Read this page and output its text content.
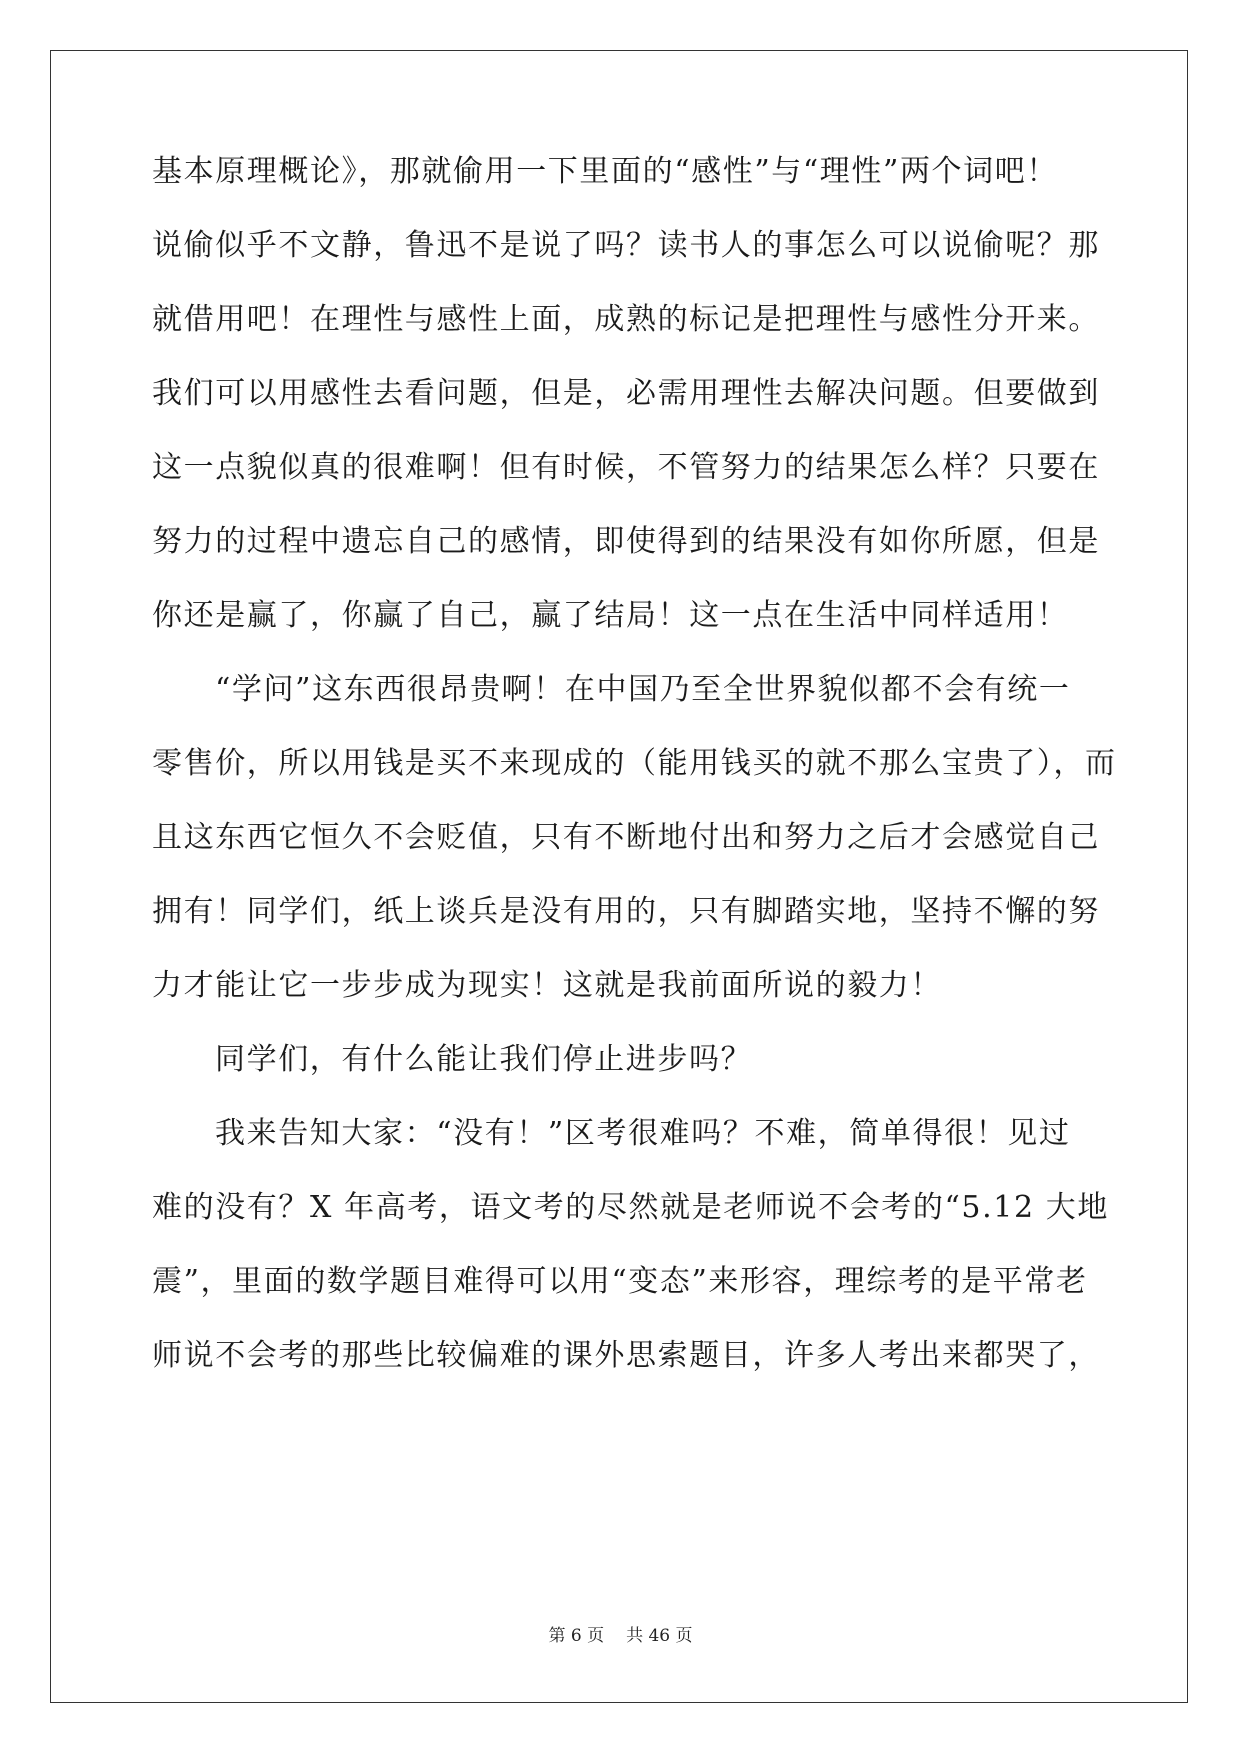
基本原理概论》，那就偷用一下里面的“感性”与“理性”两个词吧！
说偷似乎不文静，鲁迅不是说了吗？读书人的事怎么可以说偷呢？那
就借用吧！在理性与感性上面，成熟的标记是把理性与感性分开来。
我们可以用感性去看问题，但是，必需用理性去解决问题。但要做到
这一点貌似真的很难啊！但有时候，不管努力的结果怎么样？只要在
努力的过程中遗忘自己的感情，即使得到的结果没有如你所愿，但是
你还是赢了，你赢了自己，赢了结局！这一点在生活中同样适用！
“学问”这东西很昂贵啊！在中国乃至全世界貌似都不会有统一
零售价，所以用钱是买不来现成的（能用钱买的就不那么宝贵了），而
且这东西它恒久不会贬值，只有不断地付出和努力之后才会感觉自己
拥有！同学们，纸上谈兵是没有用的，只有脚踏实地，坚持不懈的努
力才能让它一步步成为现实！这就是我前面所说的毅力！
同学们，有什么能让我们停止进步吗？
我来告知大家：“没有！”区考很难吗？不难，简单得很！见过
难的没有？X 年高考，语文考的尽然就是老师说不会考的“5.12 大地
震”，里面的数学题目难得可以用“变态”来形容，理综考的是平常老
师说不会考的那些比较偏难的课外思索题目，许多人考出来都哭了，
第 6 页 共 46 页
